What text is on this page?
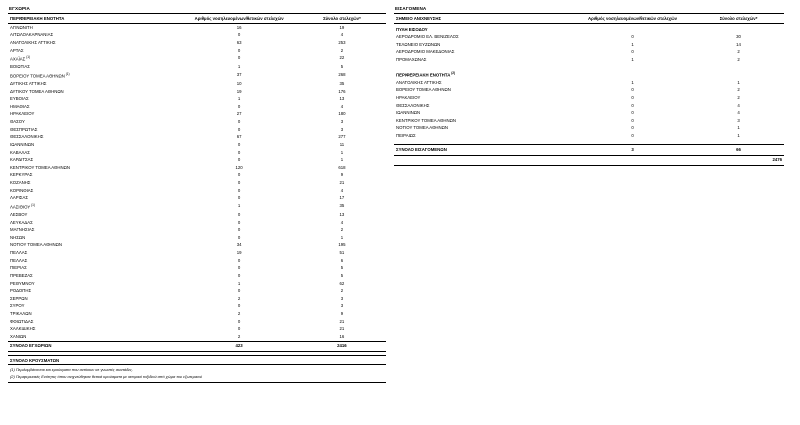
ΕΓΧΩΡΙΑ
ΠΕΡΙΦΕΡΕΙΑΚΗ ΕΝΟΤΗΤΑ	Αριθμός νοσηλευομένων/θετικών στελεχών	Σύνολο στελεχών*
ΑΓΙΝΩΝΙΤΗ	16	19
ΑΙΤΩΛΟΑΚΑΡΝΑΝΙΑΣ	0	4
ΑΝΑΤΟΛΙΚΗΣ ΑΤΤΙΚΗΣ	63	253
ΑΡΤΑΣ	0	2
ΑΧΑΪΑΣ $^{(1)}$	0	22
ΒΟΙΩΤΙΑΣ	1	5
ΒΟΡΕΙΟΥ ΤΟΜΕΑ ΑΘΗΝΩΝ $^{(1)}$	37	268
ΔΥΤΙΚΗΣ ΑΤΤΙΚΗΣ	10	35
ΔΥΤΙΚΟΥ ΤΟΜΕΑ ΑΘΗΝΩΝ	19	176
ΕΥΒΟΙΑΣ	1	13
ΗΜΑΘΙΑΣ	0	4
ΗΡΑΚΛΕΙΟΥ	27	180
ΘΑΣΟΥ	0	3
ΘΕΣΠΡΩΤΙΑΣ	0	3
ΘΕΣΣΑΛΟΝΙΚΗΣ	67	277
ΙΩΑΝΝΙΝΩΝ	0	11
ΚΑΒΑΛΑΣ	0	1
ΚΑΡΔΙΤΣΑΣ	0	1
ΚΕΝΤΡΙΚΟΥ ΤΟΜΕΑ ΑΘΗΝΩΝ	120	618
ΚΕΡΚΥΡΑΣ	0	9
ΚΟΖΑΝΗΣ	0	21
ΚΟΡΙΝΘΙΑΣ	0	4
ΛΑΡΙΣΑΣ	0	17
ΛΑΣΙΘΙΟΥ $^{(1)}$	1	35
ΛΕΣΒΟΥ	0	13
ΛΕΥΚΑΔΑΣ	0	4
ΜΑΓΝΗΣΙΑΣ	0	2
ΝΗΣΩΝ	0	1
ΝΟΤΙΟΥ ΤΟΜΕΑ ΑΘΗΝΩΝ	34	195
ΠΕΛΛΑΣ	19	51
ΠΕΛΛΑΣ	0	6
ΠΙΕΡΙΑΣ	0	5
ΠΡΕΒΕΖΑΣ	0	5
ΡΕΘΥΜΝΟΥ	1	62
ΡΟΔΟΠΗΣ	0	2
ΣΕΡΡΩΝ	2	3
ΣΥΡΟΥ	0	3
ΤΡΙΚΑΛΩΝ	2	9
ΦΘΙΩΤΙΔΑΣ	0	21
ΧΑΛΚΙΔΙΚΗΣ	0	21
ΧΑΝΙΩΝ	2	16
ΣΥΝΟΛΟ ΕΓΧΩΡΙΩΝ	423	2416
ΣΥΝΟΛΟ ΚΡΟΥΣΜΑΤΩΝ
(1) Περιλαμβάνονται και κρούσματα που αντίκουν σε γνωστές συστάδες.
(2) Περιφερειακές Ενότητες όπου ανιχνεύθηκαν θετικά κρούσματα με ιστορικό ταξιδιού από χώρα του εξωτερικού
ΕΙΣΑΓΟΜΕΝΑ
ΣΗΜΕΙΟ ΑΝΙΧΝΕΥΣΗΣ	Αριθμός νοσηλευομένων/θετικών στελεχών	Σύνολο στελεχών*
ΠΥΛΗ ΕΙΣΟΔΟΥ		
ΑΕΡΟΔΡΟΜΙΟ ΕΛ. ΒΕΝΙΖΕΛΟΣ	0	30
ΤΕΛΩΝΕΙΟ ΕΥΖΩΝΩΝ	1	14
ΑΕΡΟΔΡΟΜΙΟ ΜΑΚΕΔΟΝΙΑΣ	0	2
ΠΡΟΜΑΧΩΝΑΣ	1	2

ΠΕΡΙΦΕΡΕΙΑΚΗ ΕΝΟΤΗΤΑ $^{(2)}$
ΑΝΑΤΟΛΙΚΗΣ ΑΤΤΙΚΗΣ	1	1
ΒΟΡΕΙΟΥ ΤΟΜΕΑ ΑΘΗΝΩΝ	0	2
ΗΡΑΚΛΕΙΟΥ	0	2
ΘΕΣΣΑΛΟΝΙΚΗΣ	0	4
ΙΩΑΝΝΙΝΩΝ	0	4
ΚΕΝΤΡΙΚΟΥ ΤΟΜΕΑ ΑΘΗΝΩΝ	0	3
ΝΟΤΙΟΥ ΤΟΜΕΑ ΑΘΗΝΩΝ	0	1
ΠΕΙΡΑΙΩΣ	0	1
ΣΥΝΟΛΟ ΕΙΣΑΓΟΜΕΝΩΝ	3	66
2476
